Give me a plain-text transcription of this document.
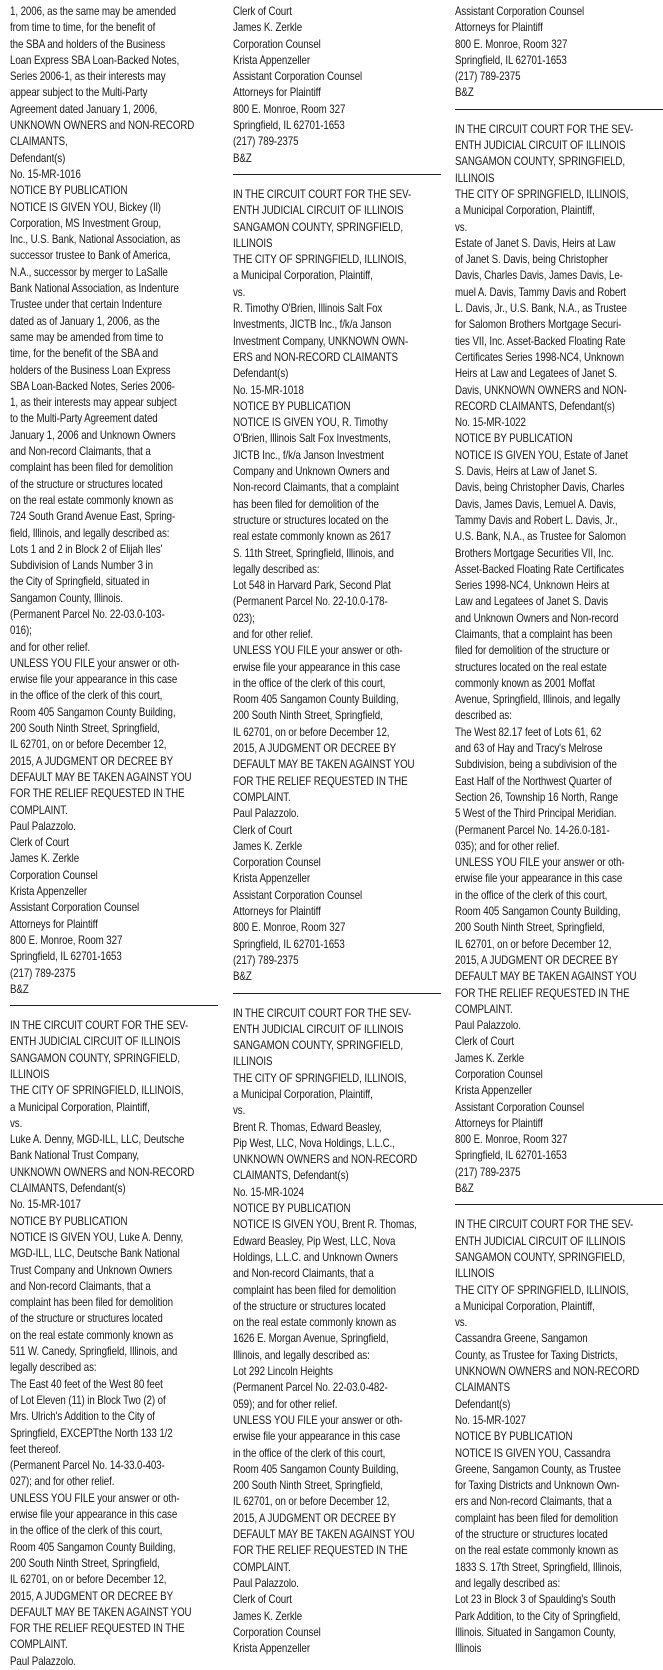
1, 2006, as the same may be amended
from time to time, for the benefit of
the SBA and holders of the Business
Loan Express SBA Loan-Backed Notes,
Series 2006-1, as their interests may
appear subject to the Multi-Party
Agreement dated January 1, 2006,
UNKNOWN OWNERS and NON-RECORD
CLAIMANTS,
Defendant(s)
No. 15-MR-1016
NOTICE BY PUBLICATION
NOTICE IS GIVEN YOU, Bickey (Il)
Corporation, MS Investment Group,
Inc., U.S. Bank, National Association, as
successor trustee to Bank of America,
N.A., successor by merger to LaSalle
Bank National Association, as Indenture
Trustee under that certain Indenture
dated as of January 1, 2006, as the
same may be amended from time to
time, for the benefit of the SBA and
holders of the Business Loan Express
SBA Loan-Backed Notes, Series 2006-
1, as their interests may appear subject
to the Multi-Party Agreement dated
January 1, 2006 and Unknown Owners
and Non-record Claimants, that a
complaint has been filed for demolition
of the structure or structures located
on the real estate commonly known as
724 South Grand Avenue East, Spring-
field, Illinois, and legally described as:
Lots 1 and 2 in Block 2 of Elijah Iles'
Subdivision of Lands Number 3 in
the City of Springfield, situated in
Sangamon County, Illinois.
(Permanent Parcel No. 22-03.0-103-
016);
and for other relief.
UNLESS YOU FILE your answer or oth-
erwise file your appearance in this case
in the office of the clerk of this court,
Room 405 Sangamon County Building,
200 South Ninth Street, Springfield,
IL 62701, on or before December 12,
2015, A JUDGMENT OR DECREE BY
DEFAULT MAY BE TAKEN AGAINST YOU
FOR THE RELIEF REQUESTED IN THE
COMPLAINT.
Paul Palazzolo.
Clerk of Court
James K. Zerkle
Corporation Counsel
Krista Appenzeller
Assistant Corporation Counsel
Attorneys for Plaintiff
800 E. Monroe, Room 327
Springfield, IL 62701-1653
(217) 789-2375
B&Z
IN THE CIRCUIT COURT FOR THE SEV-
ENTH JUDICIAL CIRCUIT OF ILLINOIS
SANGAMON COUNTY, SPRINGFIELD,
ILLINOIS
THE CITY OF SPRINGFIELD, ILLINOIS,
a Municipal Corporation, Plaintiff,
vs.
Luke A. Denny, MGD-ILL, LLC, Deutsche
Bank National Trust Company,
UNKNOWN OWNERS and NON-RECORD
CLAIMANTS, Defendant(s)
No. 15-MR-1017
NOTICE BY PUBLICATION
NOTICE IS GIVEN YOU, Luke A. Denny,
MGD-ILL, LLC, Deutsche Bank National
Trust Company and Unknown Owners
and Non-record Claimants, that a
complaint has been filed for demolition
of the structure or structures located
on the real estate commonly known as
511 W. Canedy, Springfield, Illinois, and
legally described as:
The East 40 feet of the West 80 feet
of Lot Eleven (11) in Block Two (2) of
Mrs. Ulrich's Addition to the City of
Springfield, EXCEPTthe North 133 1/2
feet thereof.
(Permanent Parcel No. 14-33.0-403-
027); and for other relief.
UNLESS YOU FILE your answer or oth-
erwise file your appearance in this case
in the office of the clerk of this court,
Room 405 Sangamon County Building,
200 South Ninth Street, Springfield,
IL 62701, on or before December 12,
2015, A JUDGMENT OR DECREE BY
DEFAULT MAY BE TAKEN AGAINST YOU
FOR THE RELIEF REQUESTED IN THE
COMPLAINT.
Paul Palazzolo.
Clerk of Court
James K. Zerkle
Corporation Counsel
Krista Appenzeller
Assistant Corporation Counsel
Attorneys for Plaintiff
800 E. Monroe, Room 327
Springfield, IL 62701-1653
(217) 789-2375
B&Z
IN THE CIRCUIT COURT FOR THE SEV-
ENTH JUDICIAL CIRCUIT OF ILLINOIS
SANGAMON COUNTY, SPRINGFIELD,
ILLINOIS
THE CITY OF SPRINGFIELD, ILLINOIS,
a Municipal Corporation, Plaintiff,
vs.
R. Timothy O'Brien, Illinois Salt Fox
Investments, JICTB Inc., f/k/a Janson
Investment Company, UNKNOWN OWN-
ERS and NON-RECORD CLAIMANTS
Defendant(s)
No. 15-MR-1018
NOTICE BY PUBLICATION
NOTICE IS GIVEN YOU, R. Timothy
O'Brien, Illinois Salt Fox Investments,
JICTB Inc., f/k/a Janson Investment
Company and Unknown Owners and
Non-record Claimants, that a complaint
has been filed for demolition of the
structure or structures located on the
real estate commonly known as 2617
S. 11th Street, Springfield, Illinois, and
legally described as:
Lot 548 in Harvard Park, Second Plat
(Permanent Parcel No. 22-10.0-178-
023);
and for other relief.
UNLESS YOU FILE your answer or oth-
erwise file your appearance in this case
in the office of the clerk of this court,
Room 405 Sangamon County Building,
200 South Ninth Street, Springfield,
IL 62701, on or before December 12,
2015, A JUDGMENT OR DECREE BY
DEFAULT MAY BE TAKEN AGAINST YOU
FOR THE RELIEF REQUESTED IN THE
COMPLAINT.
Paul Palazzolo.
Clerk of Court
James K. Zerkle
Corporation Counsel
Krista Appenzeller
Assistant Corporation Counsel
Attorneys for Plaintiff
800 E. Monroe, Room 327
Springfield, IL 62701-1653
(217) 789-2375
B&Z
IN THE CIRCUIT COURT FOR THE SEV-
ENTH JUDICIAL CIRCUIT OF ILLINOIS
SANGAMON COUNTY, SPRINGFIELD,
ILLINOIS
THE CITY OF SPRINGFIELD, ILLINOIS,
a Municipal Corporation, Plaintiff,
vs.
Brent R. Thomas, Edward Beasley,
Pip West, LLC, Nova Holdings, L.L.C.,
UNKNOWN OWNERS and NON-RECORD
CLAIMANTS, Defendant(s)
No. 15-MR-1024
NOTICE BY PUBLICATION
NOTICE IS GIVEN YOU, Brent R. Thomas,
Edward Beasley, Pip West, LLC, Nova
Holdings, L.L.C. and Unknown Owners
and Non-record Claimants, that a
complaint has been filed for demolition
of the structure or structures located
on the real estate commonly known as
1626 E. Morgan Avenue, Springfield,
Illinois, and legally described as:
Lot 292 Lincoln Heights
(Permanent Parcel No. 22-03.0-482-
059); and for other relief.
UNLESS YOU FILE your answer or oth-
erwise file your appearance in this case
in the office of the clerk of this court,
Room 405 Sangamon County Building,
200 South Ninth Street, Springfield,
IL 62701, on or before December 12,
2015, A JUDGMENT OR DECREE BY
DEFAULT MAY BE TAKEN AGAINST YOU
FOR THE RELIEF REQUESTED IN THE
COMPLAINT.
Paul Palazzolo.
Clerk of Court
James K. Zerkle
Corporation Counsel
Krista Appenzeller
Assistant Corporation Counsel
Attorneys for Plaintiff
800 E. Monroe, Room 327
Springfield, IL 62701-1653
(217) 789-2375
B&Z
IN THE CIRCUIT COURT FOR THE SEV-
ENTH JUDICIAL CIRCUIT OF ILLINOIS
SANGAMON COUNTY, SPRINGFIELD,
ILLINOIS
THE CITY OF SPRINGFIELD, ILLINOIS,
a Municipal Corporation, Plaintiff,
vs.
Estate of Janet S. Davis, Heirs at Law
of Janet S. Davis, being Christopher
Davis, Charles Davis, James Davis, Le-
muel A. Davis, Tammy Davis and Robert
L. Davis, Jr., U.S. Bank, N.A., as Trustee
for Salomon Brothers Mortgage Securi-
ties VII, Inc. Asset-Backed Floating Rate
Certificates Series 1998-NC4, Unknown
Heirs at Law and Legatees of Janet S.
Davis, UNKNOWN OWNERS and NON-
RECORD CLAIMANTS, Defendant(s)
No. 15-MR-1022
NOTICE BY PUBLICATION
NOTICE IS GIVEN YOU, Estate of Janet
S. Davis, Heirs at Law of Janet S.
Davis, being Christopher Davis, Charles
Davis, James Davis, Lemuel A. Davis,
Tammy Davis and Robert L. Davis, Jr.,
U.S. Bank, N.A., as Trustee for Salomon
Brothers Mortgage Securities VII, Inc.
Asset-Backed Floating Rate Certificates
Series 1998-NC4, Unknown Heirs at
Law and Legatees of Janet S. Davis
and Unknown Owners and Non-record
Claimants, that a complaint has been
filed for demolition of the structure or
structures located on the real estate
commonly known as 2001 Moffat
Avenue, Springfield, Illinois, and legally
described as:
The West 82.17 feet of Lots 61, 62
and 63 of Hay and Tracy's Melrose
Subdivision, being a subdivision of the
East Half of the Northwest Quarter of
Section 26, Township 16 North, Range
5 West of the Third Principal Meridian.
(Permanent Parcel No. 14-26.0-181-
035); and for other relief.
UNLESS YOU FILE your answer or oth-
erwise file your appearance in this case
in the office of the clerk of this court,
Room 405 Sangamon County Building,
200 South Ninth Street, Springfield,
IL 62701, on or before December 12,
2015, A JUDGMENT OR DECREE BY
DEFAULT MAY BE TAKEN AGAINST YOU
FOR THE RELIEF REQUESTED IN THE
COMPLAINT.
Paul Palazzolo.
Clerk of Court
James K. Zerkle
Corporation Counsel
Krista Appenzeller
Assistant Corporation Counsel
Attorneys for Plaintiff
800 E. Monroe, Room 327
Springfield, IL 62701-1653
(217) 789-2375
B&Z
IN THE CIRCUIT COURT FOR THE SEV-
ENTH JUDICIAL CIRCUIT OF ILLINOIS
SANGAMON COUNTY, SPRINGFIELD,
ILLINOIS
THE CITY OF SPRINGFIELD, ILLINOIS,
a Municipal Corporation, Plaintiff,
vs.
Cassandra Greene, Sangamon
County, as Trustee for Taxing Districts,
UNKNOWN OWNERS and NON-RECORD
CLAIMANTS
Defendant(s)
No. 15-MR-1027
NOTICE BY PUBLICATION
NOTICE IS GIVEN YOU, Cassandra
Greene, Sangamon County, as Trustee
for Taxing Districts and Unknown Own-
ers and Non-record Claimants, that a
complaint has been filed for demolition
of the structure or structures located
on the real estate commonly known as
1833 S. 17th Street, Springfield, Illinois,
and legally described as:
Lot 23 in Block 3 of Spaulding's South
Park Addition, to the City of Springfield,
Illinois. Situated in Sangamon County,
Illinois
